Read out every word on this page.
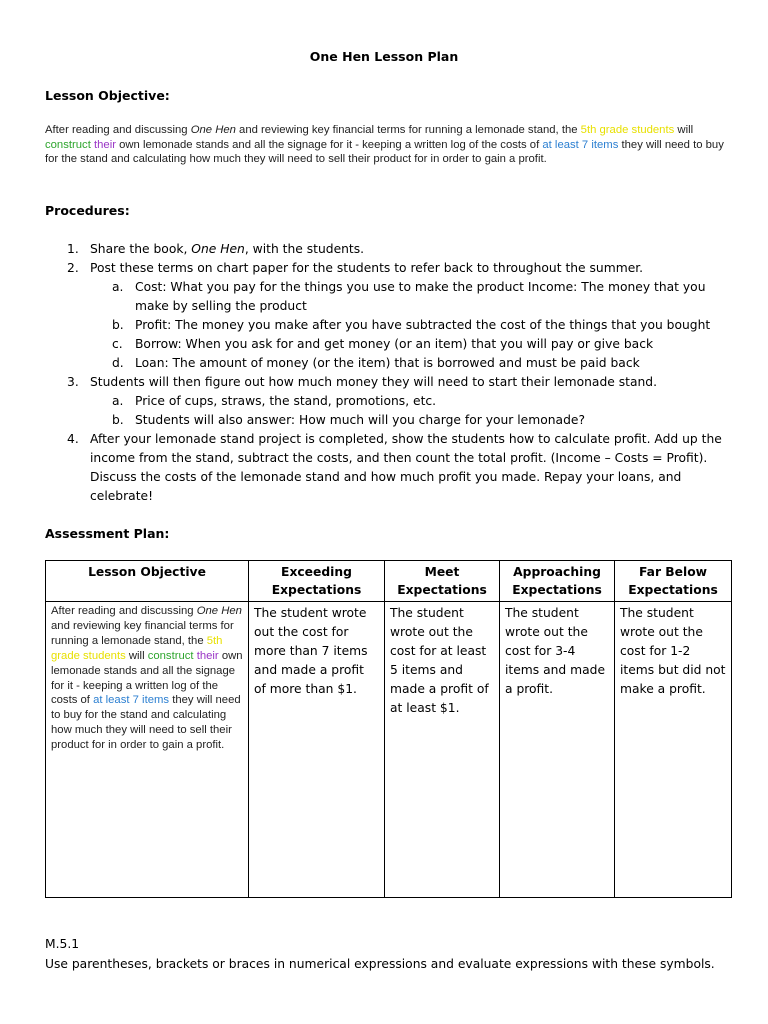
One Hen Lesson Plan
Lesson Objective:
After reading and discussing One Hen and reviewing key financial terms for running a lemonade stand, the 5th grade students will construct their own lemonade stands and all the signage for it - keeping a written log of the costs of at least 7 items they will need to buy for the stand and calculating how much they will need to sell their product for in order to gain a profit.
Procedures:
1. Share the book, One Hen, with the students.
2. Post these terms on chart paper for the students to refer back to throughout the summer.
a. Cost: What you pay for the things you use to make the product Income: The money that you make by selling the product
b. Profit: The money you make after you have subtracted the cost of the things that you bought
c. Borrow: When you ask for and get money (or an item) that you will pay or give back
d. Loan: The amount of money (or the item) that is borrowed and must be paid back
3. Students will then figure out how much money they will need to start their lemonade stand.
a. Price of cups, straws, the stand, promotions, etc.
b. Students will also answer: How much will you charge for your lemonade?
4. After your lemonade stand project is completed, show the students how to calculate profit. Add up the income from the stand, subtract the costs, and then count the total profit. (Income – Costs = Profit). Discuss the costs of the lemonade stand and how much profit you made. Repay your loans, and celebrate!
Assessment Plan:
Lesson Objective	Exceeding Expectations	Meet Expectations	Approaching Expectations	Far Below Expectations
After reading and discussing One Hen and reviewing key financial terms for running a lemonade stand, the 5th grade students will construct their own lemonade stands and all the signage for it - keeping a written log of the costs of at least 7 items they will need to buy for the stand and calculating how much they will need to sell their product for in order to gain a profit.	The student wrote out the cost for more than 7 items and made a profit of more than $1.	The student wrote out the cost for at least 5 items and made a profit of at least $1.	The student wrote out the cost for 3-4 items and made a profit.	The student wrote out the cost for 1-2 items but did not make a profit.
M.5.1
Use parentheses, brackets or braces in numerical expressions and evaluate expressions with these symbols.
